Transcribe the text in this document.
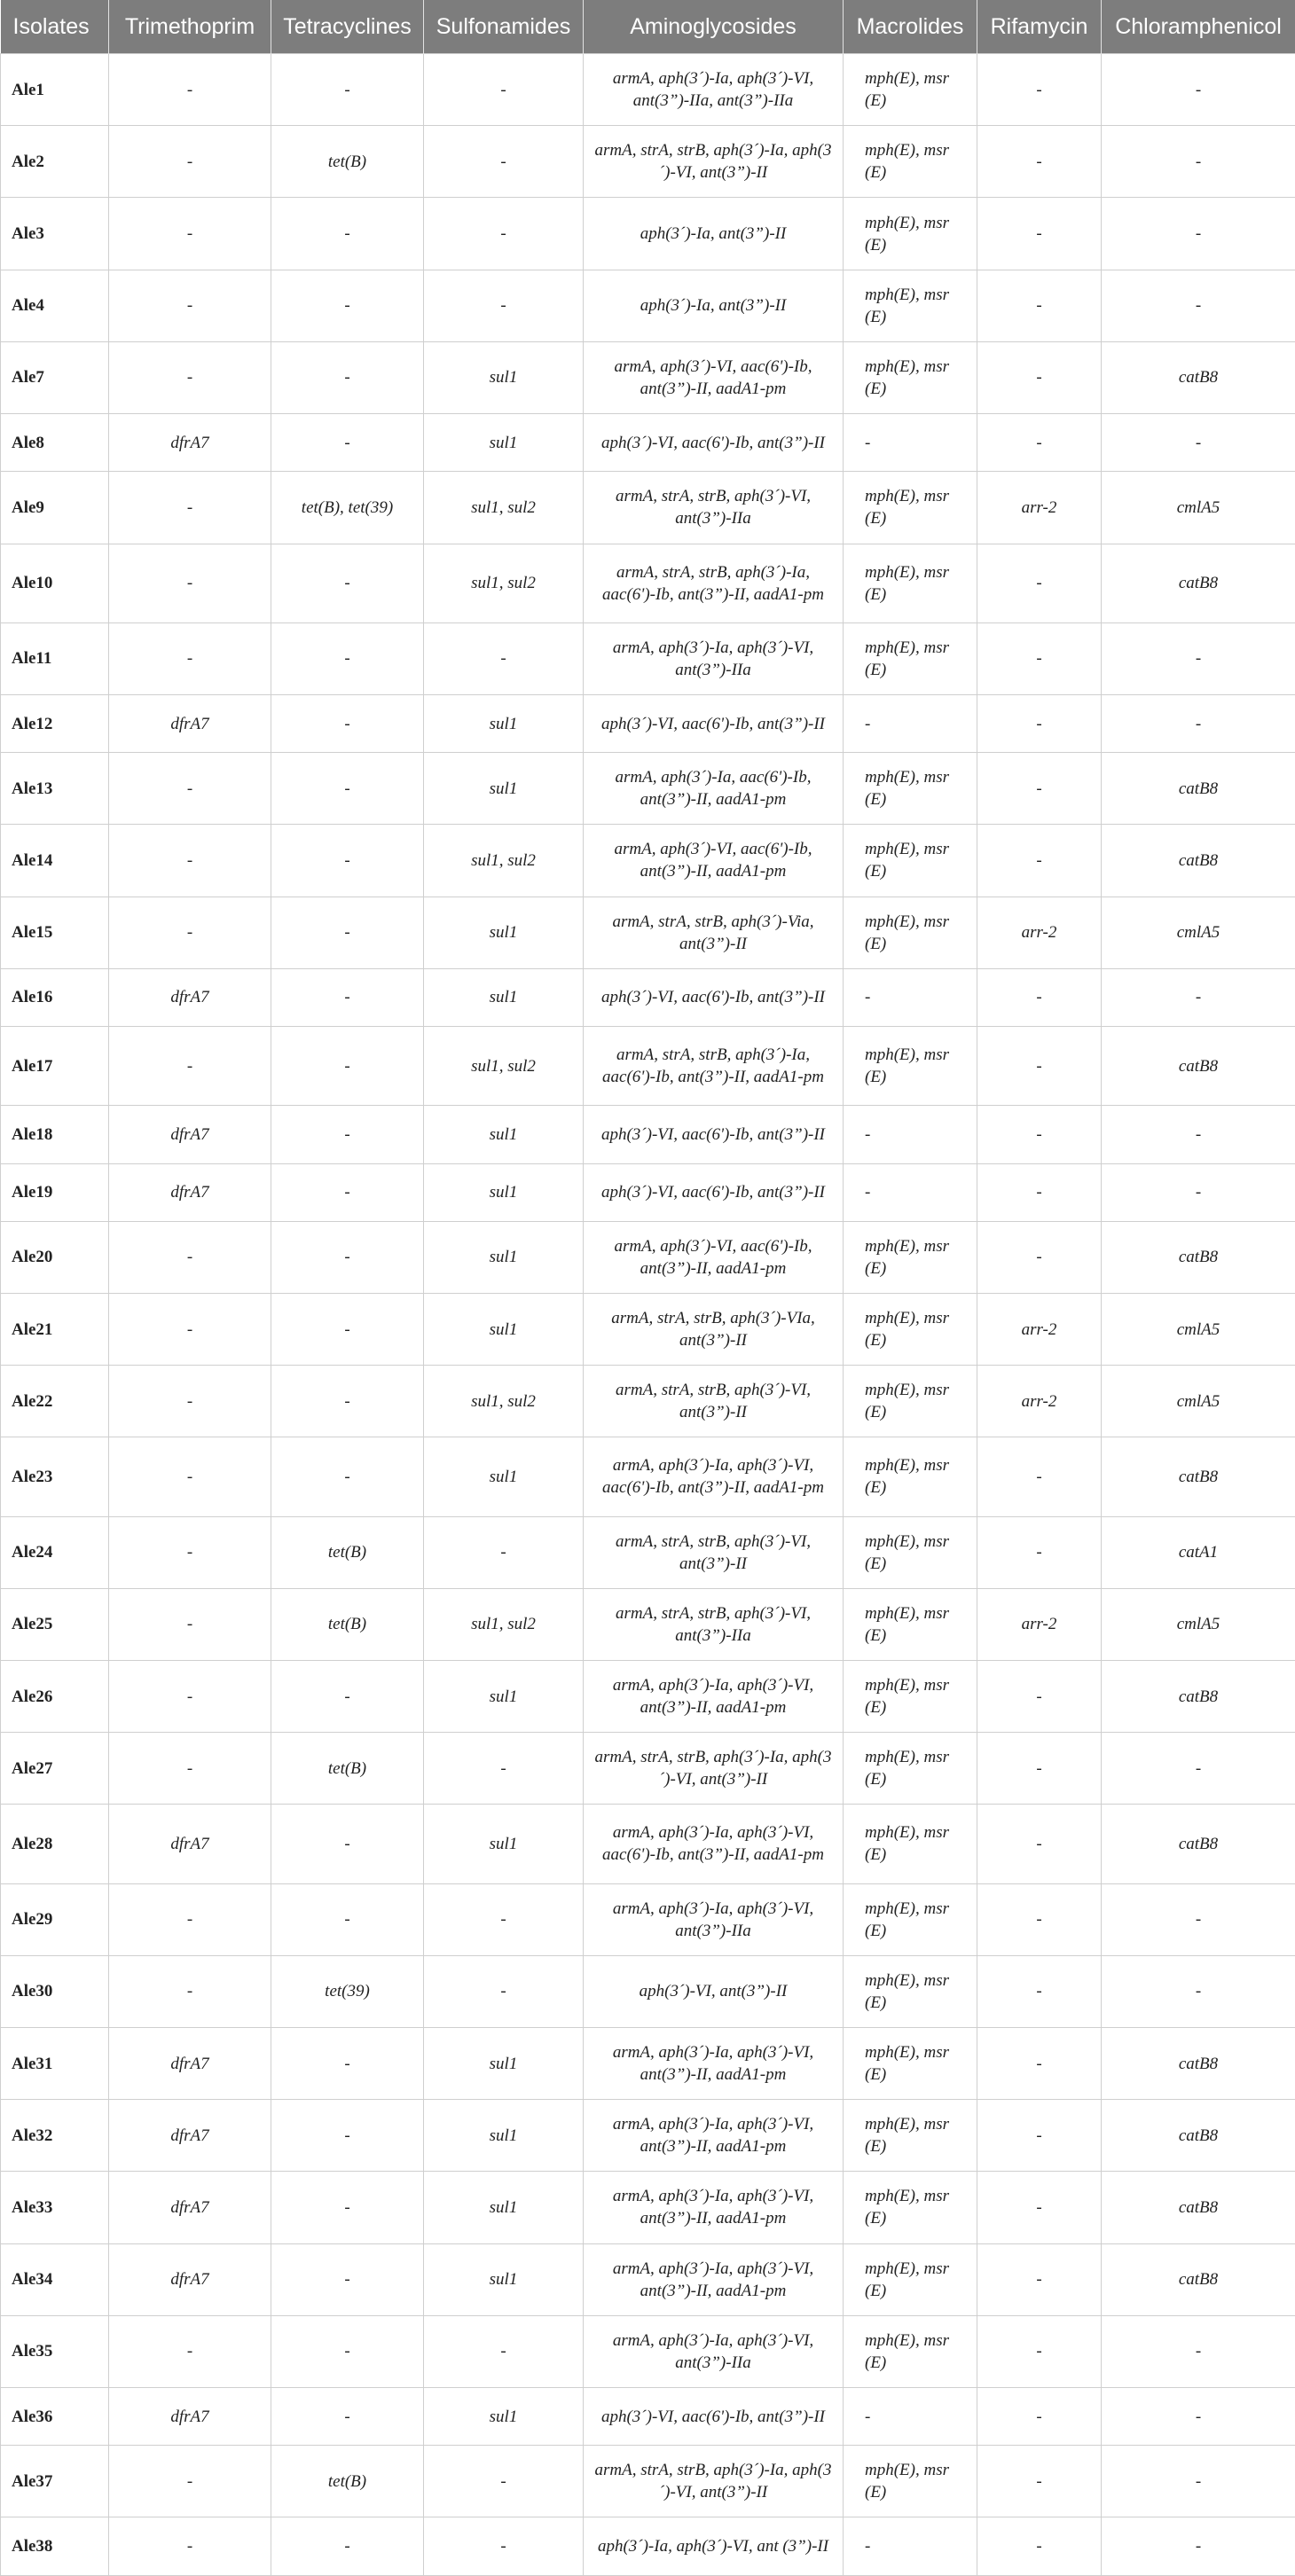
Isolates	Trimethoprim	Tetracyclines	Sulfonamides	Aminoglycosides	Macrolides	Rifamycin	Chloramphenicol
Ale1	-	-	-	armA, aph(3´)-Ia, aph(3´)-VI, ant(3”)-IIa, ant(3”)-IIa	mph(E), msr (E)	-	-
Ale2	-	tet(B)	-	armA, strA, strB, aph(3´)-Ia, aph(3´)-VI, ant(3”)-II	mph(E), msr (E)	-	-
Ale3	-	-	-	aph(3´)-Ia, ant(3”)-II	mph(E), msr (E)	-	-
Ale4	-	-	-	aph(3´)-Ia, ant(3”)-II	mph(E), msr (E)	-	-
Ale7	-	-	sul1	armA, aph(3´)-VI, aac(6')-Ib, ant(3”)-II, aadA1-pm	mph(E), msr (E)	-	catB8
Ale8	dfrA7	-	sul1	aph(3´)-VI, aac(6')-Ib, ant(3”)-II	-	-	-
Ale9	-	tet(B), tet(39)	sul1, sul2	armA, strA, strB, aph(3´)-VI, ant(3”)-IIa	mph(E), msr (E)	arr-2	cmlA5
Ale10	-	-	sul1, sul2	armA, strA, strB, aph(3´)-Ia, aac(6')-Ib, ant(3”)-II, aadA1-pm	mph(E), msr (E)	-	catB8
Ale11	-	-	-	armA, aph(3´)-Ia, aph(3´)-VI, ant(3”)-IIa	mph(E), msr (E)	-	-
Ale12	dfrA7	-	sul1	aph(3´)-VI, aac(6')-Ib, ant(3”)-II	-	-	-
Ale13	-	-	sul1	armA, aph(3´)-Ia, aac(6')-Ib, ant(3”)-II, aadA1-pm	mph(E), msr (E)	-	catB8
Ale14	-	-	sul1, sul2	armA, aph(3´)-VI, aac(6')-Ib, ant(3”)-II, aadA1-pm	mph(E), msr (E)	-	catB8
Ale15	-	-	sul1	armA, strA, strB, aph(3´)-Via, ant(3”)-II	mph(E), msr (E)	arr-2	cmlA5
Ale16	dfrA7	-	sul1	aph(3´)-VI, aac(6')-Ib, ant(3”)-II	-	-	-
Ale17	-	-	sul1, sul2	armA, strA, strB, aph(3´)-Ia, aac(6')-Ib, ant(3”)-II, aadA1-pm	mph(E), msr (E)	-	catB8
Ale18	dfrA7	-	sul1	aph(3´)-VI, aac(6')-Ib, ant(3”)-II	-	-	-
Ale19	dfrA7	-	sul1	aph(3´)-VI, aac(6')-Ib, ant(3”)-II	-	-	-
Ale20	-	-	sul1	armA, aph(3´)-VI, aac(6')-Ib, ant(3”)-II, aadA1-pm	mph(E), msr (E)	-	catB8
Ale21	-	-	sul1	armA, strA, strB, aph(3´)-VIa, ant(3”)-II	mph(E), msr (E)	arr-2	cmlA5
Ale22	-	-	sul1, sul2	armA, strA, strB, aph(3´)-VI, ant(3”)-II	mph(E), msr (E)	arr-2	cmlA5
Ale23	-	-	sul1	armA, aph(3´)-Ia, aph(3´)-VI, aac(6')-Ib, ant(3”)-II, aadA1-pm	mph(E), msr (E)	-	catB8
Ale24	-	tet(B)	-	armA, strA, strB, aph(3´)-VI, ant(3”)-II	mph(E), msr (E)	-	catA1
Ale25	-	tet(B)	sul1, sul2	armA, strA, strB, aph(3´)-VI, ant(3”)-IIa	mph(E), msr (E)	arr-2	cmlA5
Ale26	-	-	sul1	armA, aph(3´)-Ia, aph(3´)-VI, ant(3”)-II, aadA1-pm	mph(E), msr (E)	-	catB8
Ale27	-	tet(B)	-	armA, strA, strB, aph(3´)-Ia, aph(3´)-VI, ant(3”)-II	mph(E), msr (E)	-	-
Ale28	dfrA7	-	sul1	armA, aph(3´)-Ia, aph(3´)-VI, aac(6')-Ib, ant(3”)-II, aadA1-pm	mph(E), msr (E)	-	catB8
Ale29	-	-	-	armA, aph(3´)-Ia, aph(3´)-VI, ant(3”)-IIa	mph(E), msr (E)	-	-
Ale30	-	tet(39)	-	aph(3´)-VI, ant(3”)-II	mph(E), msr (E)	-	-
Ale31	dfrA7	-	sul1	armA, aph(3´)-Ia, aph(3´)-VI, ant(3”)-II, aadA1-pm	mph(E), msr (E)	-	catB8
Ale32	dfrA7	-	sul1	armA, aph(3´)-Ia, aph(3´)-VI, ant(3”)-II, aadA1-pm	mph(E), msr (E)	-	catB8
Ale33	dfrA7	-	sul1	armA, aph(3´)-Ia, aph(3´)-VI, ant(3”)-II, aadA1-pm	mph(E), msr (E)	-	catB8
Ale34	dfrA7	-	sul1	armA, aph(3´)-Ia, aph(3´)-VI, ant(3”)-II, aadA1-pm	mph(E), msr (E)	-	catB8
Ale35	-	-	-	armA, aph(3´)-Ia, aph(3´)-VI, ant(3”)-IIa	mph(E), msr (E)	-	-
Ale36	dfrA7	-	sul1	aph(3´)-VI, aac(6')-Ib, ant(3”)-II	-	-	-
Ale37	-	tet(B)	-	armA, strA, strB, aph(3´)-Ia, aph(3´)-VI, ant(3”)-II	mph(E), msr (E)	-	-
Ale38	-	-	-	aph(3´)-Ia, aph(3´)-VI, ant (3”)-II	-	-	-
